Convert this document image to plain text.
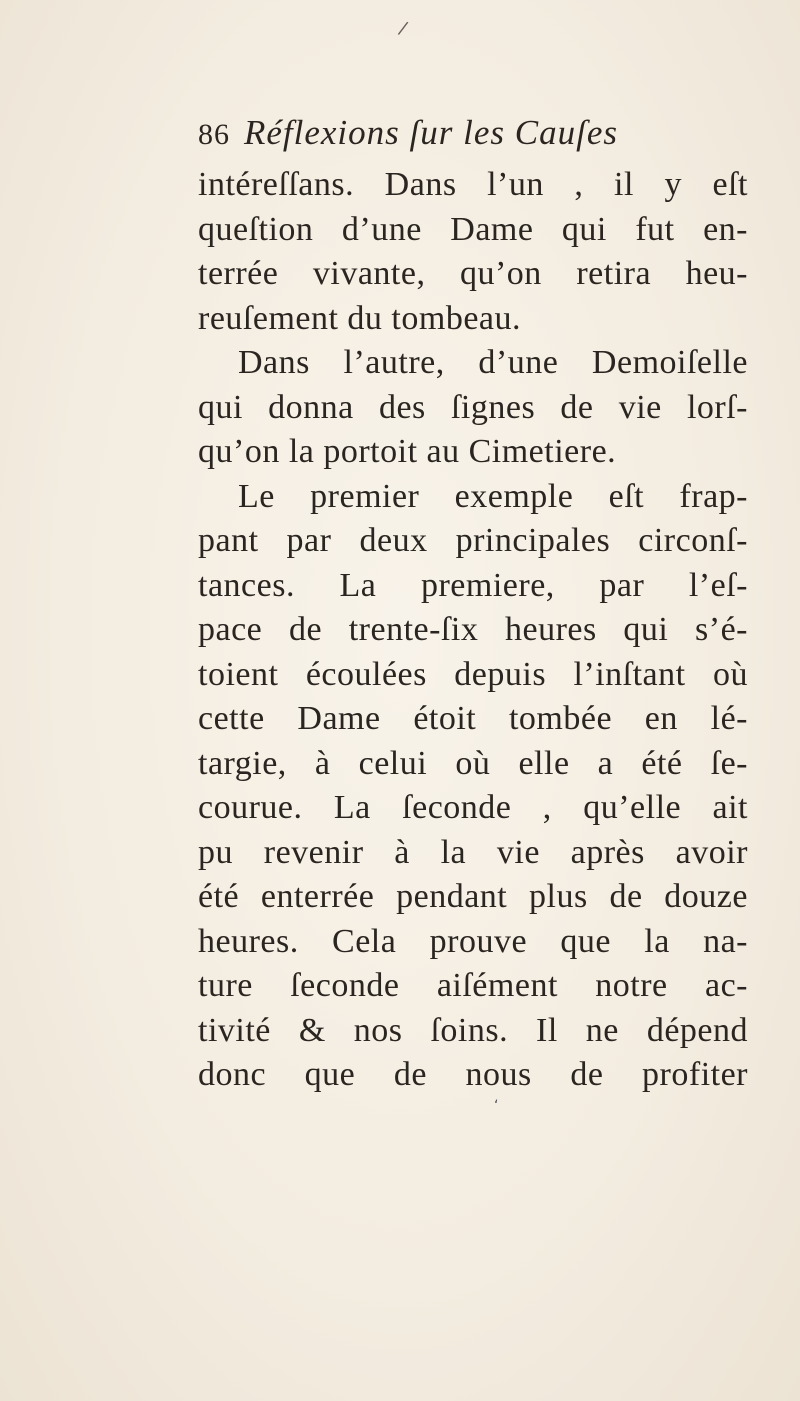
/
86 Réflexions ſur les Cauſes
intéreſſans. Dans l’un , il y eſt
queſtion d’une Dame qui fut en-
terrée vivante, qu’on retira heu-
reuſement du tombeau.
Dans l’autre, d’une Demoiſelle
qui donna des ſignes de vie lorſ-
qu’on la portoit au Cimetiere.
Le premier exemple eſt frap-
pant par deux principales circonſ-
tances. La premiere, par l’eſ-
pace de trente-ſix heures qui s’é-
toient écoulées depuis l’inſtant où
cette Dame étoit tombée en lé-
targie, à celui où elle a été ſe-
courue. La ſeconde , qu’elle ait
pu revenir à la vie après avoir
été enterrée pendant plus de douze
heures. Cela prouve que la na-
ture ſeconde aiſément notre ac-
tivité & nos ſoins. Il ne dépend
donc que de nous de profiter
‘
